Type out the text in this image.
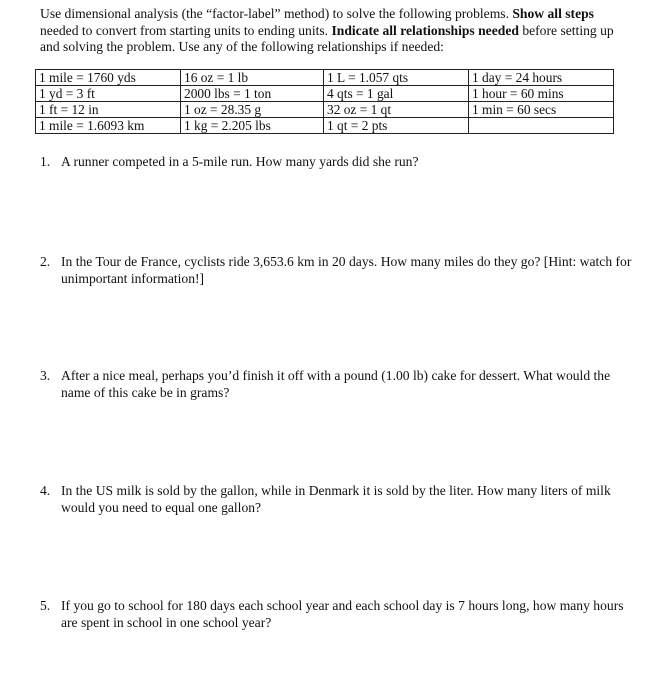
Use dimensional analysis (the “factor-label” method) to solve the following problems. Show all steps needed to convert from starting units to ending units. Indicate all relationships needed before setting up and solving the problem. Use any of the following relationships if needed:
1 mile = 1760 yds	16 oz = 1 lb	1 L = 1.057 qts	1 day = 24 hours
1 yd = 3 ft	2000 lbs = 1 ton	4 qts = 1 gal	1 hour = 60 mins
1 ft = 12 in	1 oz = 28.35 g	32 oz = 1 qt	1 min = 60 secs
1 mile = 1.6093 km	1 kg = 2.205 lbs	1 qt = 2 pts	
1. A runner competed in a 5-mile run. How many yards did she run?
2. In the Tour de France, cyclists ride 3,653.6 km in 20 days. How many miles do they go? [Hint: watch for unimportant information!]
3. After a nice meal, perhaps you’d finish it off with a pound (1.00 lb) cake for dessert. What would the name of this cake be in grams?
4. In the US milk is sold by the gallon, while in Denmark it is sold by the liter. How many liters of milk would you need to equal one gallon?
5. If you go to school for 180 days each school year and each school day is 7 hours long, how many hours are spent in school in one school year?
